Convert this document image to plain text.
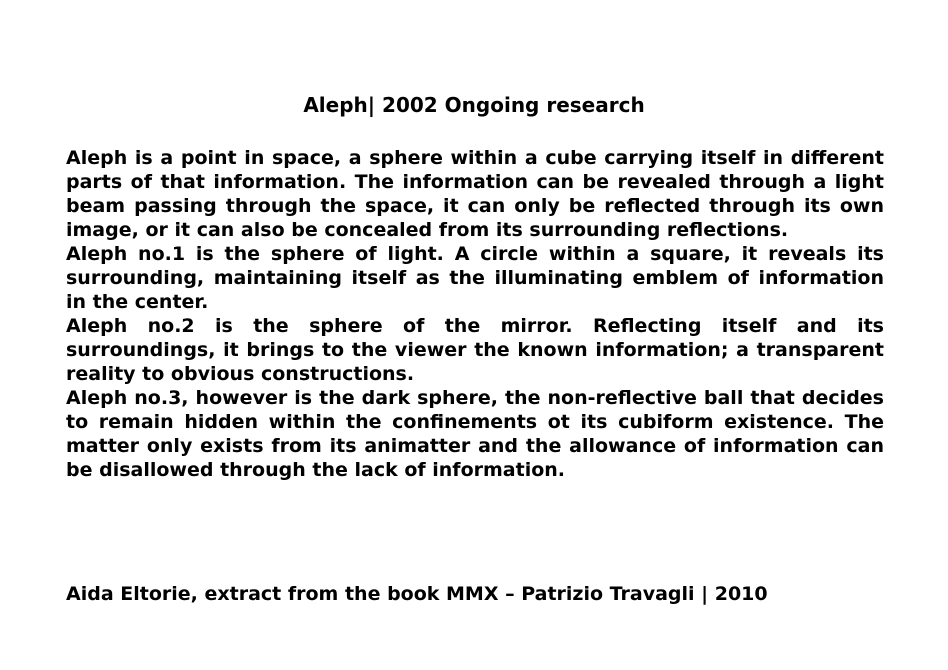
Aleph| 2002 Ongoing research

Aleph is a point in space, a sphere within a cube carrying itself in different parts of that information. The information can be revealed through a light beam passing through the space, it can only be reflected through its own image, or it can also be concealed from its surrounding reflections.

Aleph no.1 is the sphere of light. A circle within a square, it reveals its surrounding, maintaining itself as the illuminating emblem of information in the center.

Aleph no.2 is the sphere of the mirror. Reflecting itself and its surroundings, it brings to the viewer the known information; a transparent reality to obvious constructions.

Aleph no.3, however is the dark sphere, the non-reflective ball that decides to remain hidden within the confinements ot its cubiform existence. The matter only exists from its animatter and the allowance of information can be disallowed through the lack of information.

Aida Eltorie, extract from the book MMX – Patrizio Travagli | 2010
